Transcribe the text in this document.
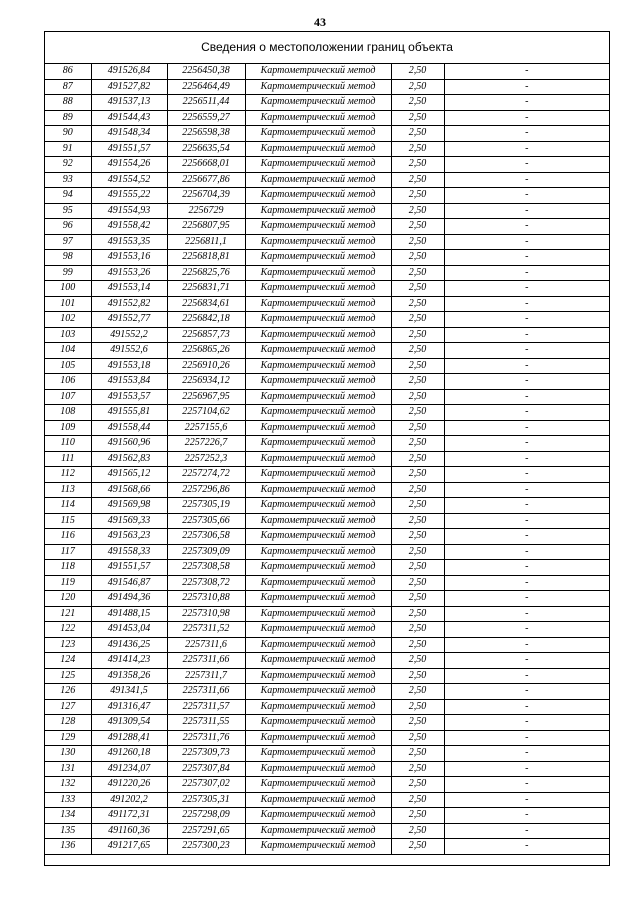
43
Сведения о местоположении границ объекта
86	491526,84	2256450,38	Картометрический метод	2,50	-
87	491527,82	2256464,49	Картометрический метод	2,50	-
88	491537,13	2256511,44	Картометрический метод	2,50	-
89	491544,43	2256559,27	Картометрический метод	2,50	-
90	491548,34	2256598,38	Картометрический метод	2,50	-
91	491551,57	2256635,54	Картометрический метод	2,50	-
92	491554,26	2256668,01	Картометрический метод	2,50	-
93	491554,52	2256677,86	Картометрический метод	2,50	-
94	491555,22	2256704,39	Картометрический метод	2,50	-
95	491554,93	2256729	Картометрический метод	2,50	-
96	491558,42	2256807,95	Картометрический метод	2,50	-
97	491553,35	2256811,1	Картометрический метод	2,50	-
98	491553,16	2256818,81	Картометрический метод	2,50	-
99	491553,26	2256825,76	Картометрический метод	2,50	-
100	491553,14	2256831,71	Картометрический метод	2,50	-
101	491552,82	2256834,61	Картометрический метод	2,50	-
102	491552,77	2256842,18	Картометрический метод	2,50	-
103	491552,2	2256857,73	Картометрический метод	2,50	-
104	491552,6	2256865,26	Картометрический метод	2,50	-
105	491553,18	2256910,26	Картометрический метод	2,50	-
106	491553,84	2256934,12	Картометрический метод	2,50	-
107	491553,57	2256967,95	Картометрический метод	2,50	-
108	491555,81	2257104,62	Картометрический метод	2,50	-
109	491558,44	2257155,6	Картометрический метод	2,50	-
110	491560,96	2257226,7	Картометрический метод	2,50	-
111	491562,83	2257252,3	Картометрический метод	2,50	-
112	491565,12	2257274,72	Картометрический метод	2,50	-
113	491568,66	2257296,86	Картометрический метод	2,50	-
114	491569,98	2257305,19	Картометрический метод	2,50	-
115	491569,33	2257305,66	Картометрический метод	2,50	-
116	491563,23	2257306,58	Картометрический метод	2,50	-
117	491558,33	2257309,09	Картометрический метод	2,50	-
118	491551,57	2257308,58	Картометрический метод	2,50	-
119	491546,87	2257308,72	Картометрический метод	2,50	-
120	491494,36	2257310,88	Картометрический метод	2,50	-
121	491488,15	2257310,98	Картометрический метод	2,50	-
122	491453,04	2257311,52	Картометрический метод	2,50	-
123	491436,25	2257311,6	Картометрический метод	2,50	-
124	491414,23	2257311,66	Картометрический метод	2,50	-
125	491358,26	2257311,7	Картометрический метод	2,50	-
126	491341,5	2257311,66	Картометрический метод	2,50	-
127	491316,47	2257311,57	Картометрический метод	2,50	-
128	491309,54	2257311,55	Картометрический метод	2,50	-
129	491288,41	2257311,76	Картометрический метод	2,50	-
130	491260,18	2257309,73	Картометрический метод	2,50	-
131	491234,07	2257307,84	Картометрический метод	2,50	-
132	491220,26	2257307,02	Картометрический метод	2,50	-
133	491202,2	2257305,31	Картометрический метод	2,50	-
134	491172,31	2257298,09	Картометрический метод	2,50	-
135	491160,36	2257291,65	Картометрический метод	2,50	-
136	491217,65	2257300,23	Картометрический метод	2,50	-
